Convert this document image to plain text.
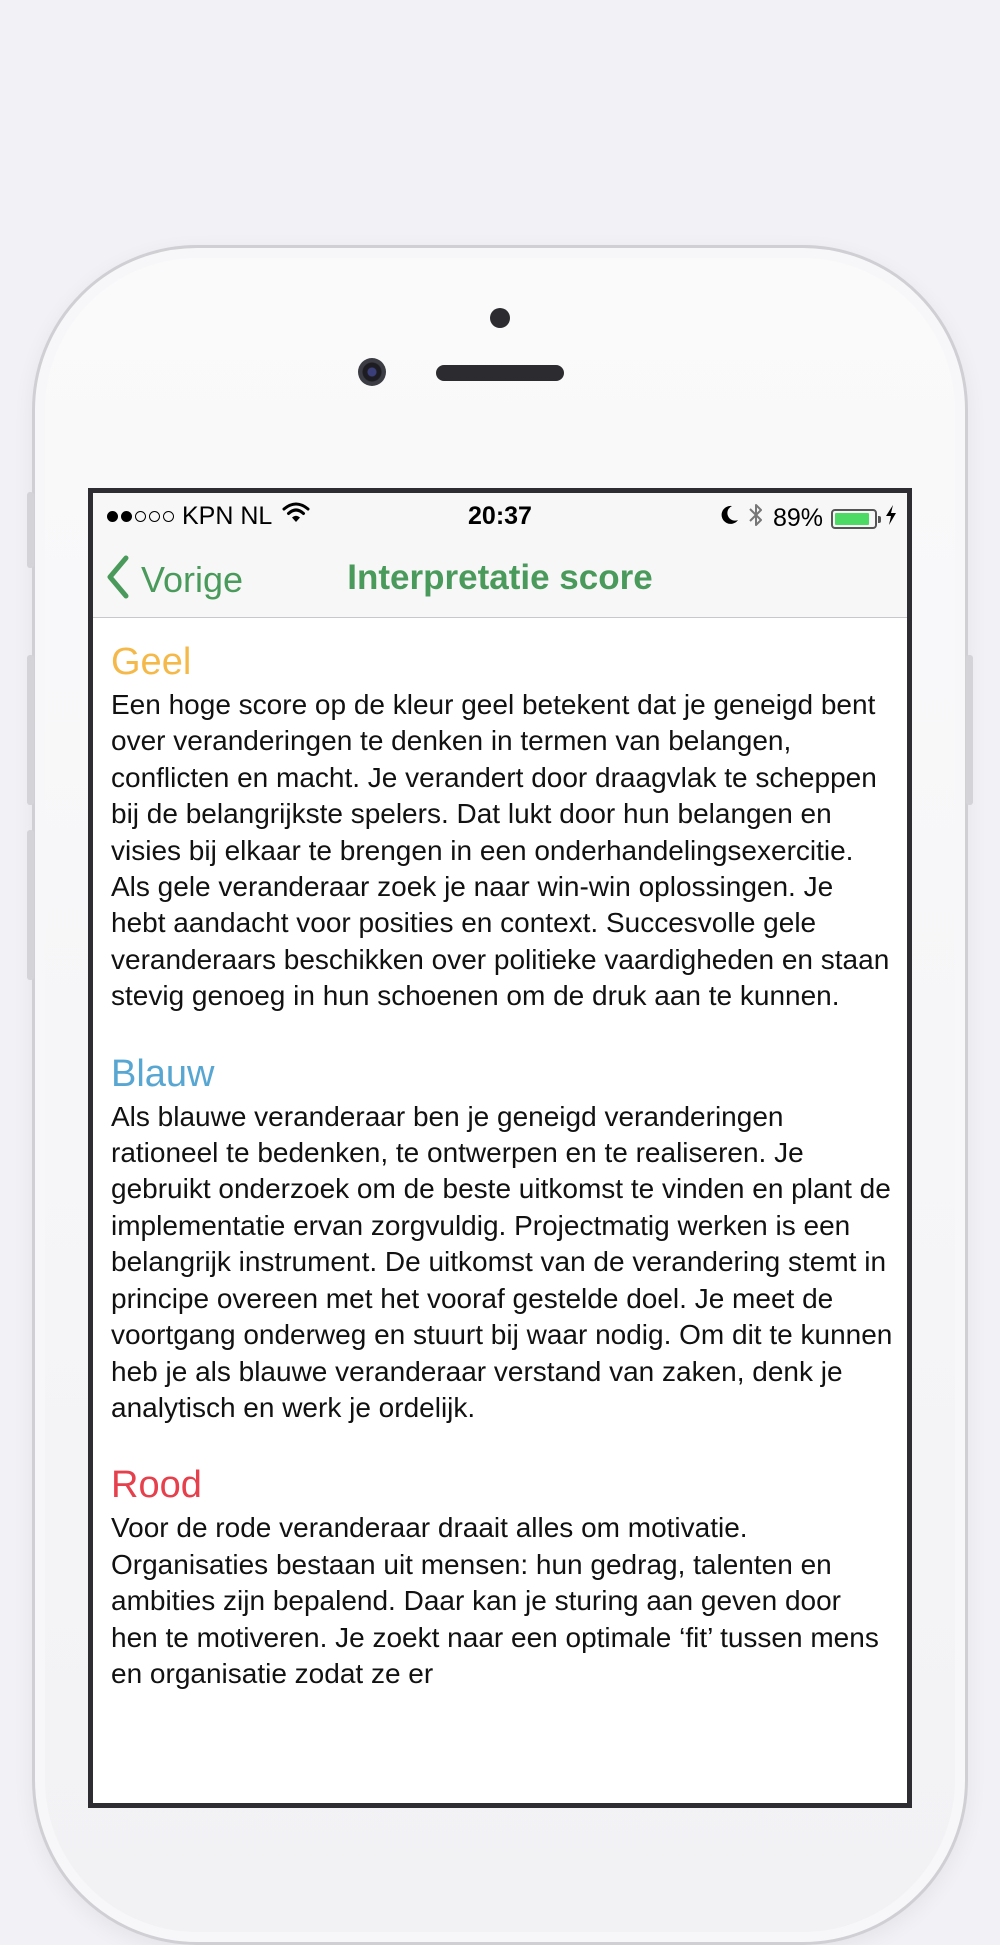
KPN NL	20:37	89%
Vorige	Interpretatie score
Geel

Een hoge score op de kleur geel betekent dat je geneigd bent over veranderingen te denken in termen van belangen, conflicten en macht. Je verandert door draagvlak te scheppen bij de belangrijkste spelers. Dat lukt door hun belangen en visies bij elkaar te brengen in een onderhandelingsexercitie. Als gele veranderaar zoek je naar win-win oplossingen. Je hebt aandacht voor posities en context. Succesvolle gele veranderaars beschikken over politieke vaardigheden en staan stevig genoeg in hun schoenen om de druk aan te kunnen.

Blauw

Als blauwe veranderaar ben je geneigd veranderingen rationeel te bedenken, te ontwerpen en te realiseren. Je gebruikt onderzoek om de beste uitkomst te vinden en plant de implementatie ervan zorgvuldig. Projectmatig werken is een belangrijk instrument. De uitkomst van de verandering stemt in principe overeen met het vooraf gestelde doel. Je meet de voortgang onderweg en stuurt bij waar nodig. Om dit te kunnen heb je als blauwe veranderaar verstand van zaken, denk je analytisch en werk je ordelijk.

Rood

Voor de rode veranderaar draait alles om motivatie. Organisaties bestaan uit mensen: hun gedrag, talenten en ambities zijn bepalend. Daar kan je sturing aan geven door hen te motiveren. Je zoekt naar een optimale ‘fit’ tussen mens en organisatie zodat ze er
